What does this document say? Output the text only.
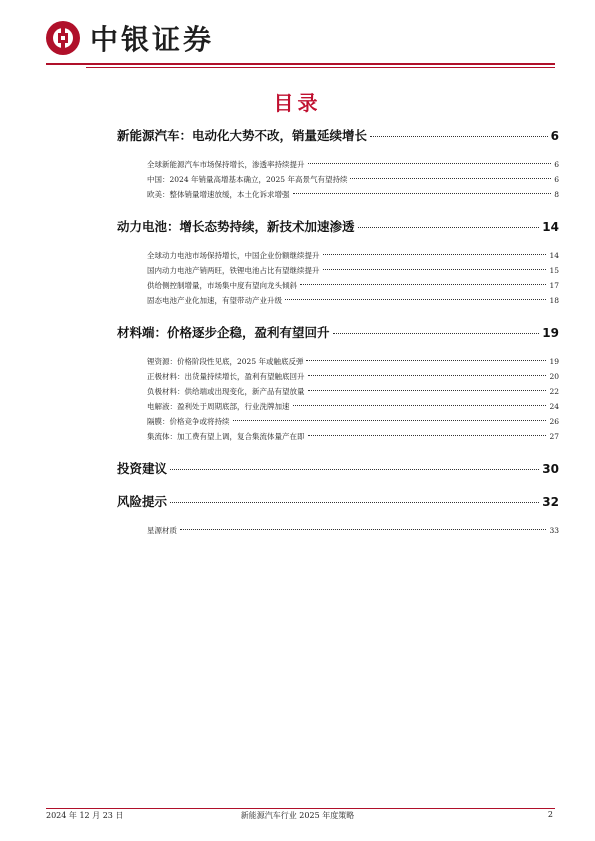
中银证券
目录
新能源汽车：电动化大势不改，销量延续增长	6
全球新能源汽车市场保持增长，渗透率持续提升	6
中国：2024 年销量高增基本确立，2025 年高景气有望持续	6
欧美：整体销量增速放缓，本土化诉求增强	8
动力电池：增长态势持续，新技术加速渗透	14
全球动力电池市场保持增长，中国企业份额继续提升	14
国内动力电池产销两旺，铁锂电池占比有望继续提升	15
供给侧控制增量，市场集中度有望向龙头倾斜	17
固态电池产业化加速，有望带动产业升级	18
材料端：价格逐步企稳，盈利有望回升	19
锂资源：价格阶段性见底，2025 年或触底反弹	19
正极材料：出货量持续增长，盈利有望触底回升	20
负极材料：供给端或出现变化，新产品有望放量	22
电解液：盈利处于周期底部，行业洗牌加速	24
隔膜：价格竞争或将持续	26
集流体：加工费有望上调，复合集流体量产在即	27
投资建议	30
风险提示	32
星源材质	33
2024 年 12 月 23 日	新能源汽车行业 2025 年度策略	2
